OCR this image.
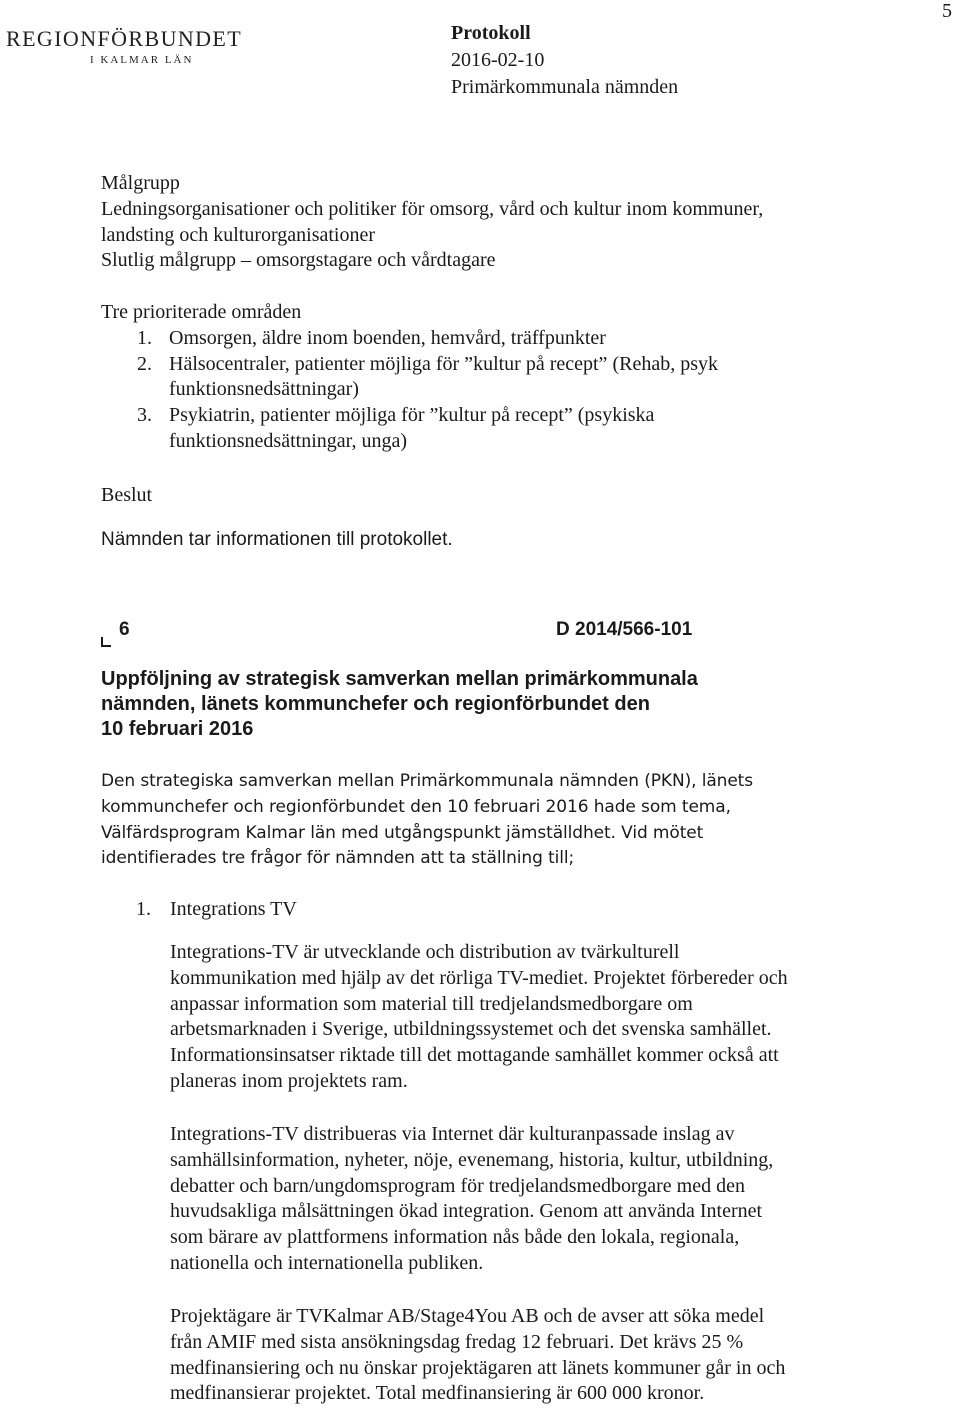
5
REGIONFÖRBUNDET
I KALMAR LÄN
Protokoll
2016-02-10
Primärkommunala nämnden
Målgrupp
Ledningsorganisationer och politiker för omsorg, vård och kultur inom kommuner,
landsting och kulturorganisationer
Slutlig målgrupp – omsorgstagare och vårdtagare
Tre prioriterade områden
1. Omsorgen, äldre inom boenden, hemvård, träffpunkter
2. Hälsocentraler, patienter möjliga för ”kultur på recept” (Rehab, psyk funktionsnedsättningar)
3. Psykiatrin, patienter möjliga för ”kultur på recept” (psykiska funktionsnedsättningar, unga)
Beslut
Nämnden tar informationen till protokollet.
6	D 2014/566-101
Uppföljning av strategisk samverkan mellan primärkommunala
nämnden, länets kommunchefer och regionförbundet den
10 februari 2016
Den strategiska samverkan mellan Primärkommunala nämnden (PKN), länets
kommunchefer och regionförbundet den 10 februari 2016 hade som tema,
Välfärdsprogram Kalmar län med utgångspunkt jämställdhet. Vid mötet
identifierades tre frågor för nämnden att ta ställning till;
1. Integrations TV
Integrations-TV är utvecklande och distribution av tvärkulturell
kommunikation med hjälp av det rörliga TV-mediet. Projektet förbereder och
anpassar information som material till tredjelandsmedborgare om
arbetsmarknaden i Sverige, utbildningssystemet och det svenska samhället.
Informationsinsatser riktade till det mottagande samhället kommer också att
planeras inom projektets ram.
Integrations-TV distribueras via Internet där kulturanpassade inslag av
samhällsinformation, nyheter, nöje, evenemang, historia, kultur, utbildning,
debatter och barn/ungdomsprogram för tredjelandsmedborgare med den
huvudsakliga målsättningen ökad integration. Genom att använda Internet
som bärare av plattformens information nås både den lokala, regionala,
nationella och internationella publiken.
Projektägare är TVKalmar AB/Stage4You AB och de avser att söka medel
från AMIF med sista ansökningsdag fredag 12 februari. Det krävs 25 %
medfinansiering och nu önskar projektägaren att länets kommuner går in och
medfinansierar projektet. Total medfinansiering är 600 000 kronor.
